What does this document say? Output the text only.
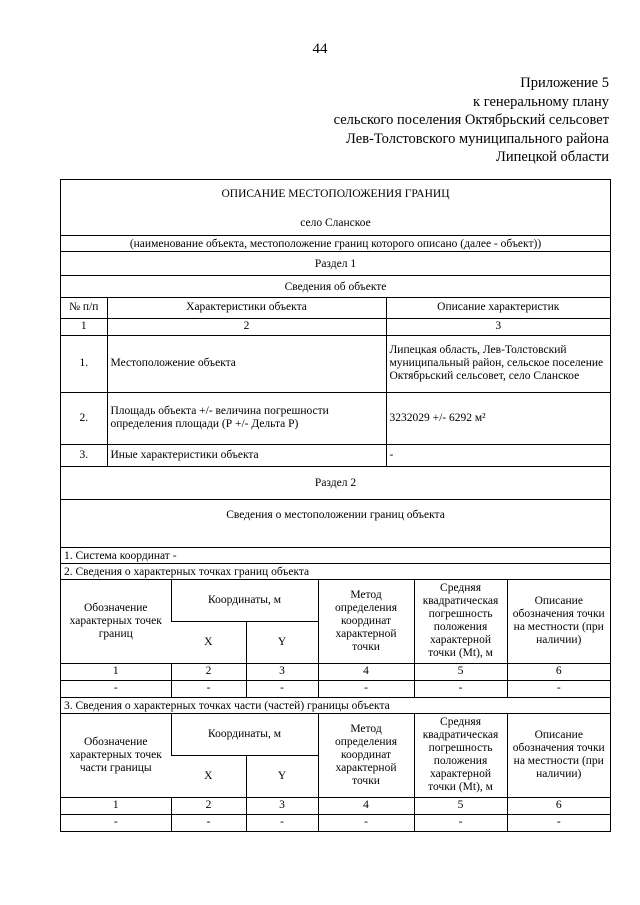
44
Приложение 5
к генеральному плану
сельского поселения Октябрьский сельсовет
Лев-Толстовского муниципального района
Липецкой области
ОПИСАНИЕ МЕСТОПОЛОЖЕНИЯ ГРАНИЦ
село Сланское
(наименование объекта, местоположение границ которого описано (далее - объект))
Раздел 1
Сведения об объекте
№ п/п	Характеристики объекта	Описание характеристик
1	2	3
1.	Местоположение объекта	Липецкая область, Лев-Толстовский муниципальный район, сельское поселение Октябрьский сельсовет, село Сланское
2.	Площадь объекта +/- величина погрешности определения площади (Р +/- Дельта Р)	3232029 +/- 6292 м²
3.	Иные характеристики объекта	-
Раздел 2
Сведения о местоположении границ объекта
1. Система координат -
2. Сведения о характерных точках границ объекта
Обозначение характерных точек границ	Координаты, м		Метод определения координат характерной точки	Средняя квадратическая погрешность положения характерной точки (Mt), м	Описание обозначения точки на местности (при наличии)
	X	Y			
1	2	3	4	5	6
-	-	-	-	-	-
3. Сведения о характерных точках части (частей) границы объекта
Обозначение характерных точек части границы	Координаты, м		Метод определения координат характерной точки	Средняя квадратическая погрешность положения характерной точки (Mt), м	Описание обозначения точки на местности (при наличии)
	X	Y			
1	2	3	4	5	6
-	-	-	-	-	-
